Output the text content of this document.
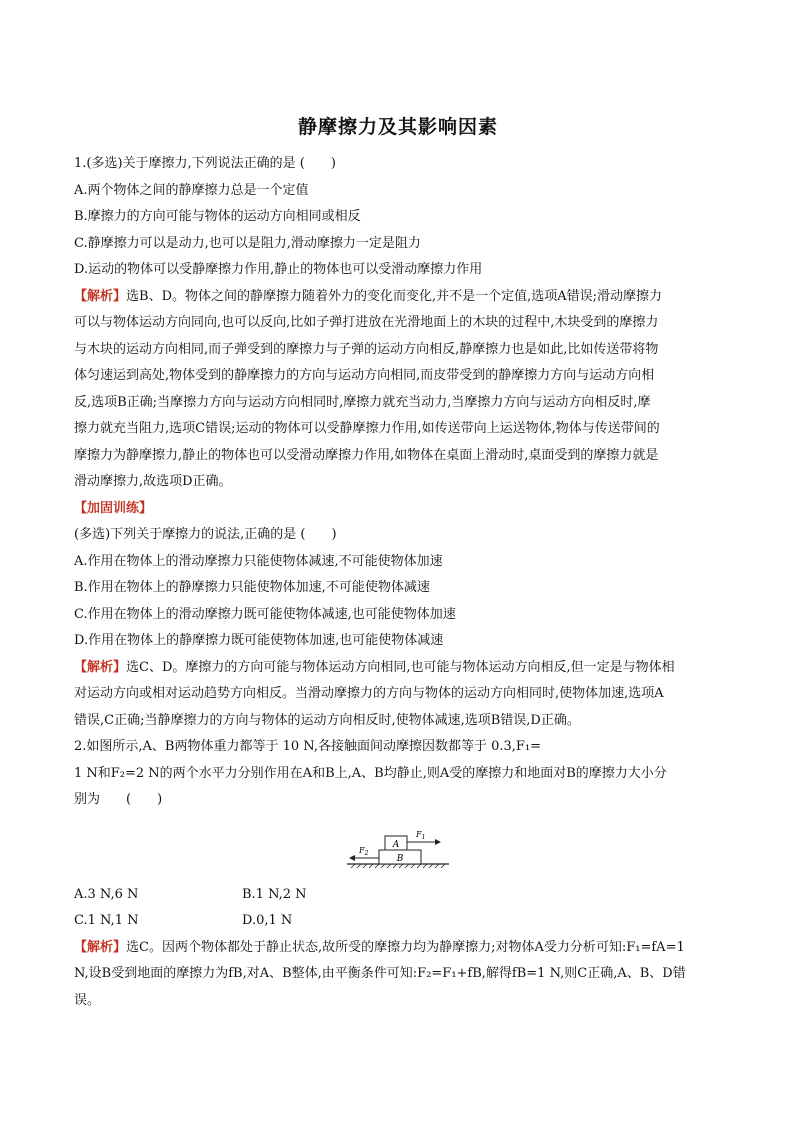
静摩擦力及其影响因素

1.(多选)关于摩擦力,下列说法正确的是 (　　)

A.两个物体之间的静摩擦力总是一个定值

B.摩擦力的方向可能与物体的运动方向相同或相反

C.静摩擦力可以是动力,也可以是阻力,滑动摩擦力一定是阻力

D.运动的物体可以受静摩擦力作用,静止的物体也可以受滑动摩擦力作用

【解析】选B、D。物体之间的静摩擦力随着外力的变化而变化,并不是一个定值,选项A错误;滑动摩擦力

可以与物体运动方向同向,也可以反向,比如子弹打进放在光滑地面上的木块的过程中,木块受到的摩擦力

与木块的运动方向相同,而子弹受到的摩擦力与子弹的运动方向相反,静摩擦力也是如此,比如传送带将物

体匀速运到高处,物体受到的静摩擦力的方向与运动方向相同,而皮带受到的静摩擦力方向与运动方向相

反,选项B正确;当摩擦力方向与运动方向相同时,摩擦力就充当动力,当摩擦力方向与运动方向相反时,摩

擦力就充当阻力,选项C错误;运动的物体可以受静摩擦力作用,如传送带向上运送物体,物体与传送带间的

摩擦力为静摩擦力,静止的物体也可以受滑动摩擦力作用,如物体在桌面上滑动时,桌面受到的摩擦力就是

滑动摩擦力,故选项D正确。

【加固训练】

(多选)下列关于摩擦力的说法,正确的是 (　　)

A.作用在物体上的滑动摩擦力只能使物体减速,不可能使物体加速

B.作用在物体上的静摩擦力只能使物体加速,不可能使物体减速

C.作用在物体上的滑动摩擦力既可能使物体减速,也可能使物体加速

D.作用在物体上的静摩擦力既可能使物体加速,也可能使物体减速

【解析】选C、D。摩擦力的方向可能与物体运动方向相同,也可能与物体运动方向相反,但一定是与物体相

对运动方向或相对运动趋势方向相反。当滑动摩擦力的方向与物体的运动方向相同时,使物体加速,选项A

错误,C正确;当静摩擦力的方向与物体的运动方向相反时,使物体减速,选项B错误,D正确。

2.如图所示,A、B两物体重力都等于 10 N,各接触面间动摩擦因数都等于 0.3,F₁=

1 N和F₂=2 N的两个水平力分别作用在A和B上,A、B均静止,则A受的摩擦力和地面对B的摩擦力大小分

别为　　(　　)

B
A
$F_1$
$F_2$
A.3 N,6 N	B.1 N,2 N
C.1 N,1 N	D.0,1 N

【解析】选C。因两个物体都处于静止状态,故所受的摩擦力均为静摩擦力;对物体A受力分析可知:F₁=fA=1

N,设B受到地面的摩擦力为fB,对A、B整体,由平衡条件可知:F₂=F₁+fB,解得fB=1 N,则C正确,A、B、D错

误。
